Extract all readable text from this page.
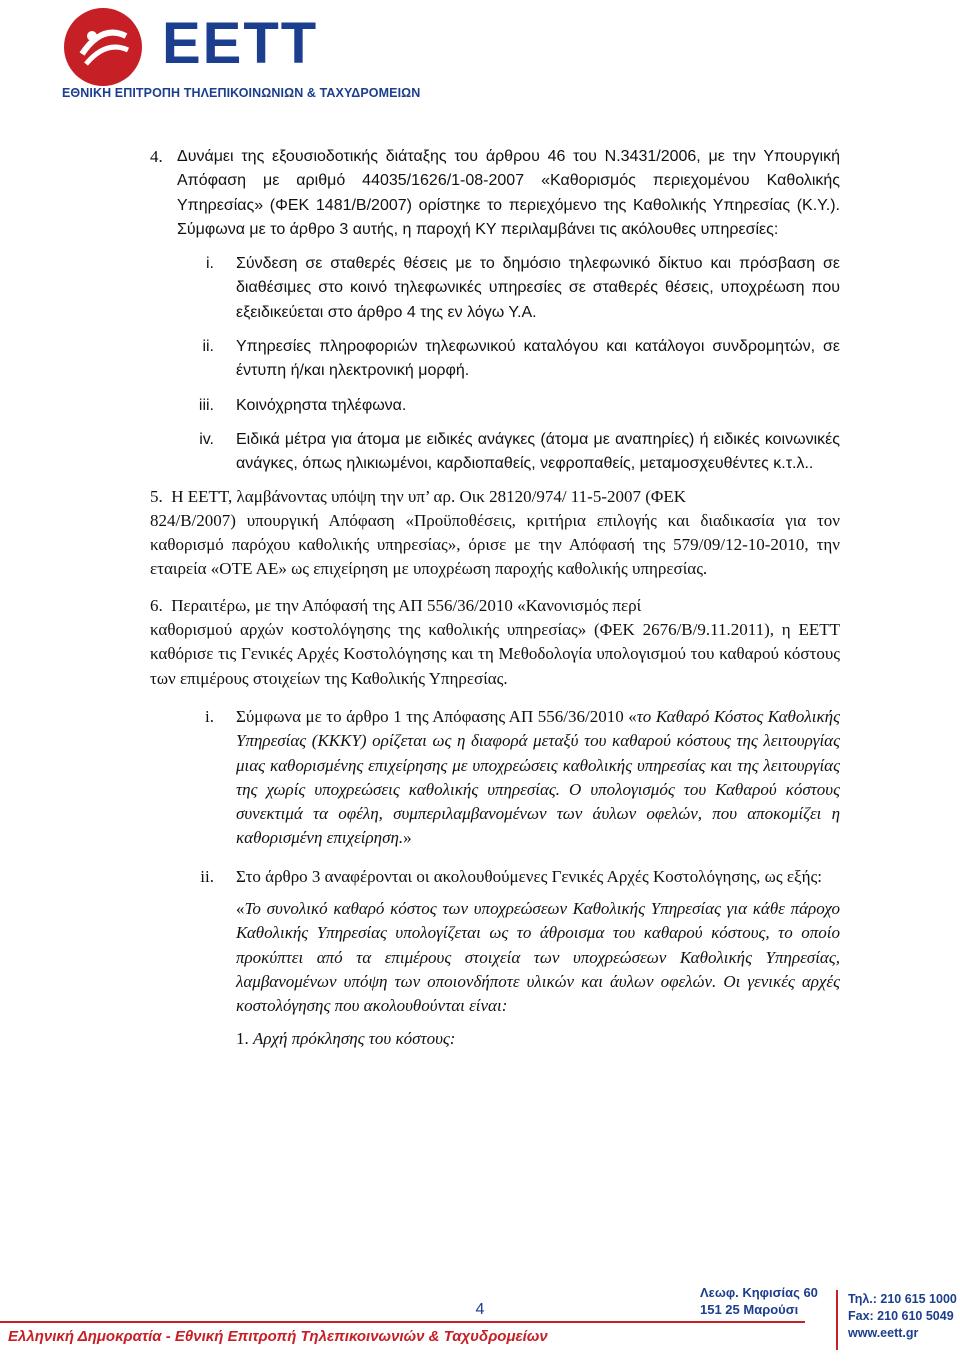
ΕΕΤΤ
ΕΘΝΙΚΗ ΕΠΙΤΡΟΠΗ ΤΗΛΕΠΙΚΟΙΝΩΝΙΩΝ & ΤΑΧΥΔΡΟΜΕΙΩΝ
4. Δυνάμει της εξουσιοδοτικής διάταξης του άρθρου 46 του Ν.3431/2006, με την Υπουργική Απόφαση με αριθμό 44035/1626/1-08-2007 «Καθορισμός περιεχομένου Καθολικής Υπηρεσίας» (ΦΕΚ 1481/Β/2007) ορίστηκε το περιεχόμενο της Καθολικής Υπηρεσίας (Κ.Υ.). Σύμφωνα με το άρθρο 3 αυτής, η παροχή ΚΥ περιλαμβάνει τις ακόλουθες υπηρεσίες:
i.	Σύνδεση σε σταθερές θέσεις με το δημόσιο τηλεφωνικό δίκτυο και πρόσβαση σε διαθέσιμες στο κοινό τηλεφωνικές υπηρεσίες σε σταθερές θέσεις, υποχρέωση που εξειδικεύεται στο άρθρο 4 της εν λόγω Υ.Α.
ii.	Υπηρεσίες πληροφοριών τηλεφωνικού καταλόγου και κατάλογοι συνδρομητών, σε έντυπη ή/και ηλεκτρονική μορφή.
iii.	Κοινόχρηστα τηλέφωνα.
iv.	Ειδικά μέτρα για άτομα με ειδικές ανάγκες (άτομα με αναπηρίες) ή ειδικές κοινωνικές ανάγκες, όπως ηλικιωμένοι, καρδιοπαθείς, νεφροπαθείς, μεταμοσχευθέντες κ.τ.λ..
5.  Η ΕΕΤΤ, λαμβάνοντας υπόψη την υπ’ αρ. Οικ 28120/974/ 11-5-2007 (ΦΕΚ
824/Β/2007) υπουργική Απόφαση «Προϋποθέσεις, κριτήρια επιλογής και διαδικασία για τον καθορισμό παρόχου καθολικής υπηρεσίας», όρισε με την Απόφασή της 579/09/12-10-2010, την εταιρεία «ΟΤΕ ΑΕ» ως επιχείρηση με υποχρέωση παροχής καθολικής υπηρεσίας.
6.  Περαιτέρω, με την Απόφασή της ΑΠ 556/36/2010 «Κανονισμός περί
καθορισμού αρχών κοστολόγησης της καθολικής υπηρεσίας» (ΦΕΚ 2676/Β/9.11.2011), η ΕΕΤΤ καθόρισε τις Γενικές Αρχές Κοστολόγησης και τη Μεθοδολογία υπολογισμού του καθαρού κόστους των επιμέρους στοιχείων της Καθολικής Υπηρεσίας.
i.	Σύμφωνα με το άρθρο 1 της Απόφασης ΑΠ 556/36/2010 «το Καθαρό Κόστος Καθολικής Υπηρεσίας (ΚΚΚΥ) ορίζεται ως η διαφορά μεταξύ του καθαρού κόστους της λειτουργίας μιας καθορισμένης επιχείρησης με υποχρεώσεις καθολικής υπηρεσίας και της λειτουργίας της χωρίς υποχρεώσεις καθολικής υπηρεσίας. Ο υπολογισμός του Καθαρού κόστους συνεκτιμά τα οφέλη, συμπεριλαμβανομένων των άυλων οφελών, που αποκομίζει η καθορισμένη επιχείρηση.»
ii.	Στο άρθρο 3 αναφέρονται οι ακολουθούμενες Γενικές Αρχές Κοστολόγησης, ως εξής:
«Το συνολικό καθαρό κόστος των υποχρεώσεων Καθολικής Υπηρεσίας για κάθε πάροχο Καθολικής Υπηρεσίας υπολογίζεται ως το άθροισμα του καθαρού κόστους, το οποίο προκύπτει από τα επιμέρους στοιχεία των υποχρεώσεων Καθολικής Υπηρεσίας, λαμβανομένων υπόψη των οποιονδήποτε υλικών και άυλων οφελών. Οι γενικές αρχές κοστολόγησης που ακολουθούνται είναι:
1. Αρχή πρόκλησης του κόστους:
4
Λεωφ. Κηφισίας 60
151 25 Μαρούσι
Τηλ.: 210 615 1000
Fax: 210 610 5049
www.eett.gr
Ελληνική Δημοκρατία - Εθνική Επιτροπή Τηλεπικοινωνιών & Ταχυδρομείων
